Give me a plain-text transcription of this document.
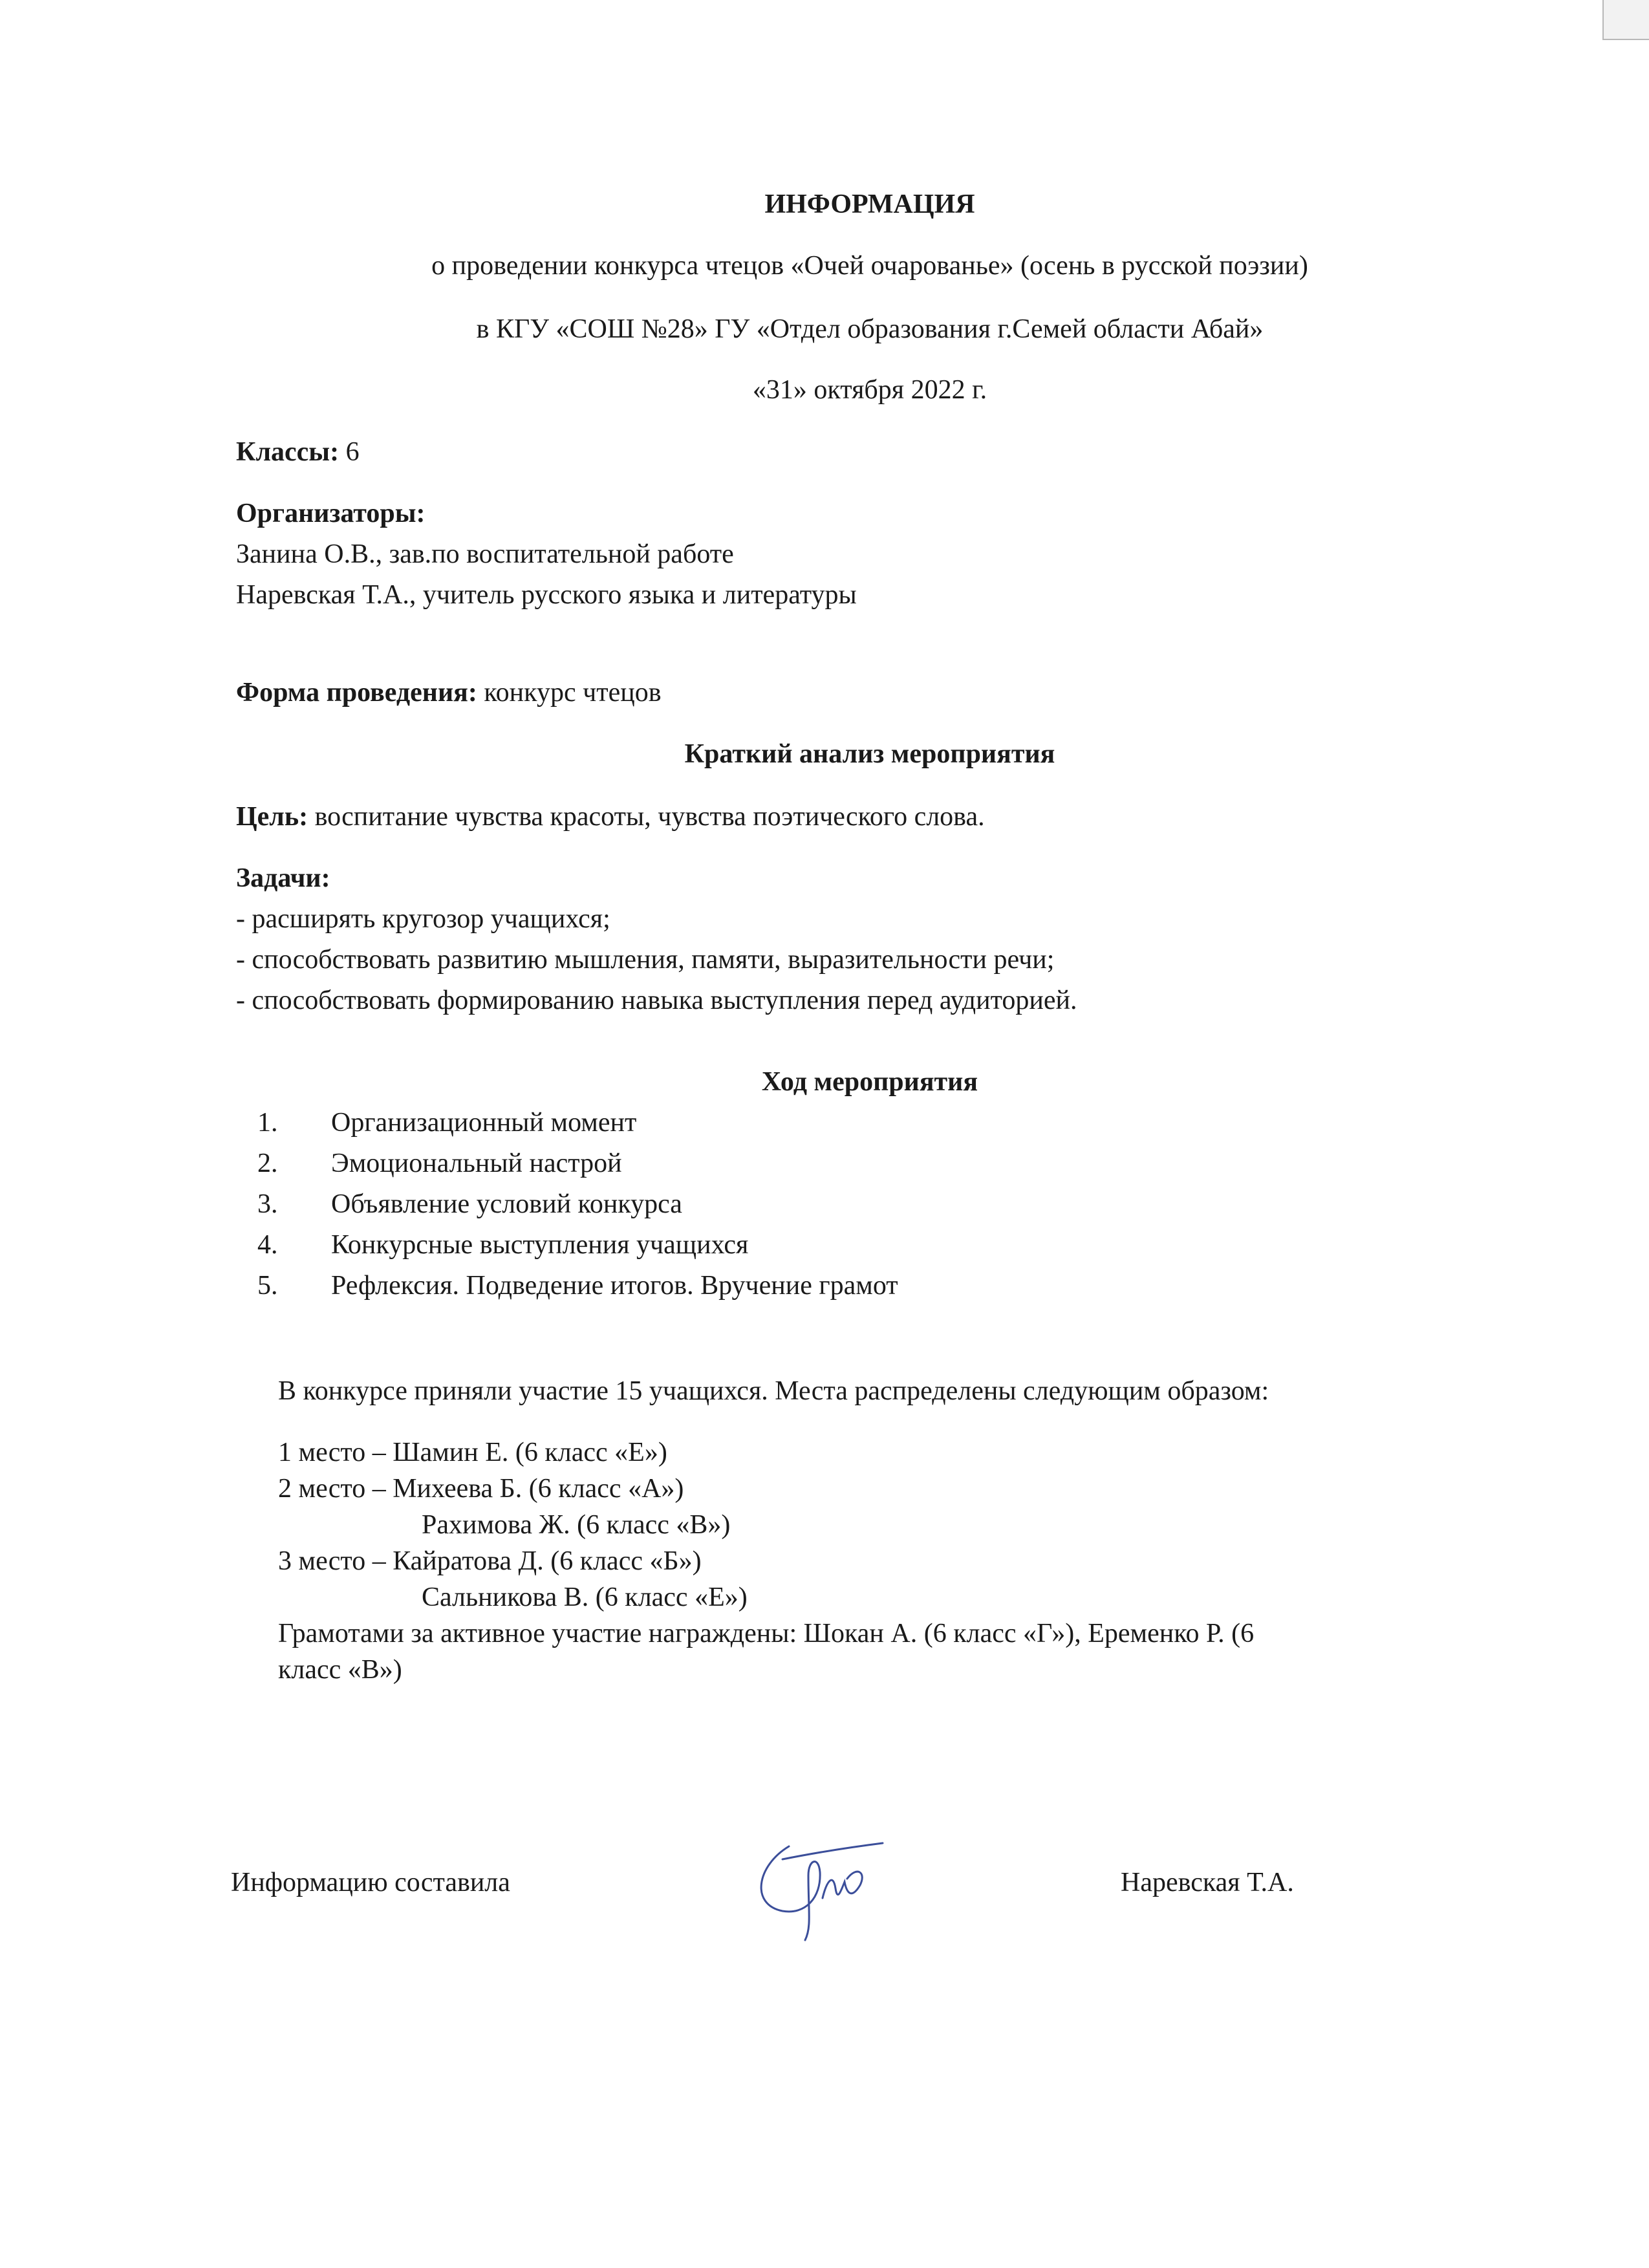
ИНФОРМАЦИЯ
о проведении конкурса чтецов «Очей очарованье» (осень в русской поэзии)
в КГУ «СОШ №28» ГУ «Отдел образования г.Семей области Абай»
«31» октября 2022 г.
Классы: 6
Организаторы:
Занина О.В., зав.по воспитательной работе
Наревская Т.А., учитель русского языка и литературы
Форма проведения: конкурс чтецов
Краткий анализ мероприятия
Цель: воспитание чувства красоты, чувства поэтического слова.
Задачи:
- расширять кругозор учащихся;
- способствовать развитию мышления, памяти, выразительности речи;
- способствовать формированию навыка выступления перед аудиторией.
Ход мероприятия
1. Организационный момент
2. Эмоциональный настрой
3. Объявление условий конкурса
4. Конкурсные выступления учащихся
5. Рефлексия. Подведение итогов. Вручение грамот
В конкурсе приняли участие 15 учащихся. Места распределены следующим образом:
1 место – Шамин Е. (6 класс «Е»)
2 место – Михеева Б. (6 класс «А»)
Рахимова Ж. (6 класс «В»)
3 место – Кайратова Д. (6 класс «Б»)
Сальникова В. (6 класс «Е»)
Грамотами за активное участие награждены: Шокан А. (6 класс «Г»), Еременко Р. (6
класс «В»)
Информацию составила	Наревская Т.А.
